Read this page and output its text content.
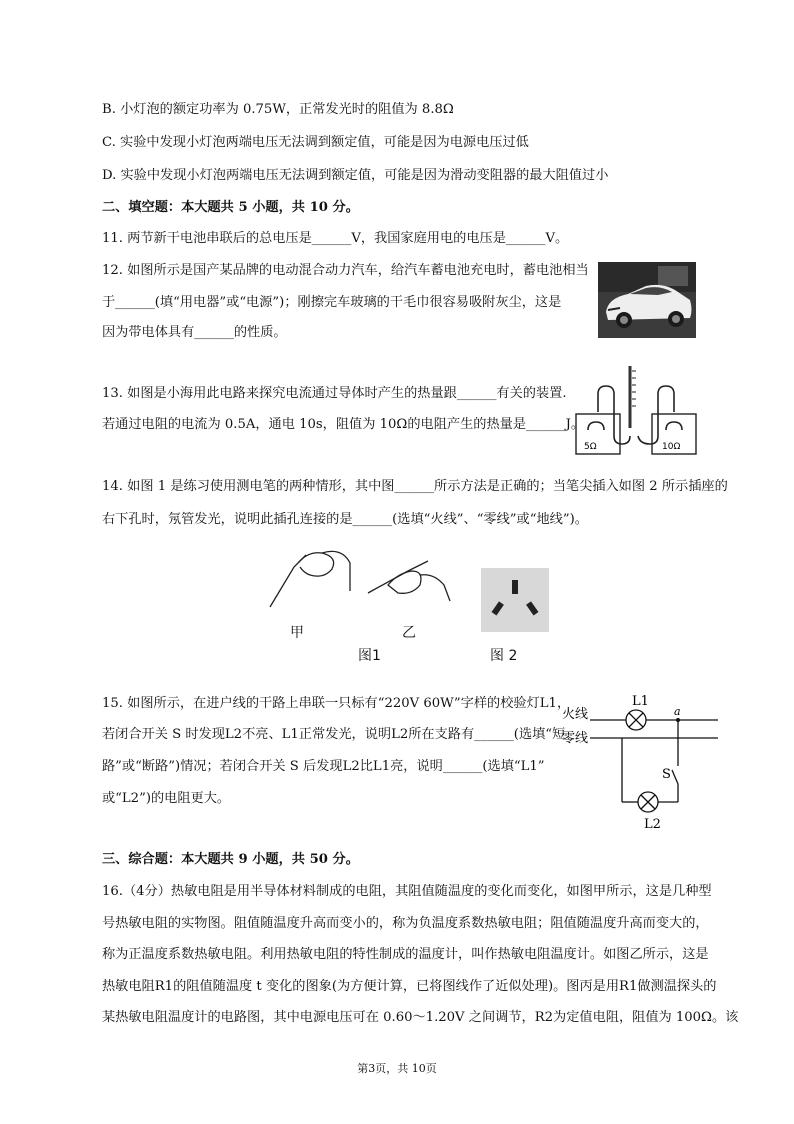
B. 小灯泡的额定功率为 0.75W，正常发光时的阻值为 8.8Ω
C. 实验中发现小灯泡两端电压无法调到额定值，可能是因为电源电压过低
D. 实验中发现小灯泡两端电压无法调到额定值，可能是因为滑动变阻器的最大阻值过小
二、填空题：本大题共 5 小题，共 10 分。
11. 两节新干电池串联后的总电压是______V，我国家庭用电的电压是______V。
12. 如图所示是国产某品牌的电动混合动力汽车，给汽车蓄电池充电时，蓄电池相当
于______(填“用电器”或“电源”)；刚擦完车玻璃的干毛巾很容易吸附灰尘，这是
因为带电体具有______的性质。
13. 如图是小海用此电路来探究电流通过导体时产生的热量跟______有关的装置.
若通过电阻的电流为 0.5A，通电 10s，阻值为 10Ω的电阻产生的热量是______J。
14. 如图 1 是练习使用测电笔的两种情形，其中图______所示方法是正确的；当笔尖插入如图 2 所示插座的
右下孔时，氖管发光，说明此插孔连接的是______(选填“火线”、“零线”或“地线”)。
15. 如图所示，在进户线的干路上串联一只标有“220V 60W”字样的校验灯L1，
若闭合开关 S 时发现L2不亮、L1正常发光，说明L2所在支路有______(选填“短
路”或“断路”)情况；若闭合开关 S 后发现L2比L1亮，说明______(选填“L1”
或“L2”)的电阻更大。
三、综合题：本大题共 9 小题，共 50 分。
16.（4分）热敏电阻是用半导体材料制成的电阻，其阻值随温度的变化而变化，如图甲所示，这是几种型
号热敏电阻的实物图。阻值随温度升高而变小的，称为负温度系数热敏电阻；阻值随温度升高而变大的，
称为正温度系数热敏电阻。利用热敏电阻的特性制成的温度计，叫作热敏电阻温度计。如图乙所示，这是
热敏电阻R1的阻值随温度 t 变化的图象(为方便计算，已将图线作了近似处理)。图丙是用R1做测温探头的
某热敏电阻温度计的电路图，其中电源电压可在 0.60～1.20V 之间调节，R2为定值电阻，阻值为 100Ω。该
5Ω	10Ω
甲	乙
图1	图 2
火线
零线
L1
a
S
L2
第3页，共 10页
